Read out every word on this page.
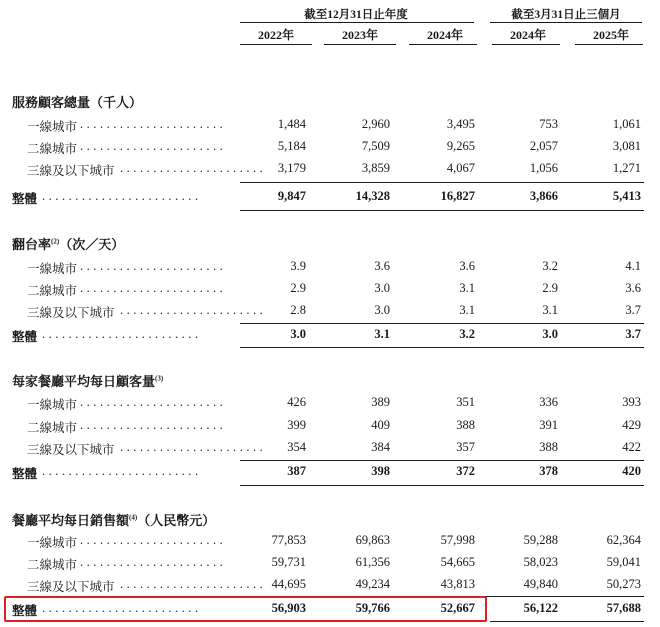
截至12月31日止年度	截至3月31日止三個月
2022年	2023年	2024年	2024年	2025年
服務顧客總量（千人）
一線城市 . . . . . . . . . . . . . . . . . . . . . .	1,484	2,960	3,495	753	1,061
二線城市 . . . . . . . . . . . . . . . . . . . . . .	5,184	7,509	9,265	2,057	3,081
三線及以下城市 . . . . . . . . . . . . . . . . . . . . . .	3,179	3,859	4,067	1,056	1,271
整體 . . . . . . . . . . . . . . . . . . . . . . . .	9,847	14,328	16,827	3,866	5,413
翻台率$^{(2)}$（次／天）
一線城市 . . . . . . . . . . . . . . . . . . . . . .	3.9	3.6	3.6	3.2	4.1
二線城市 . . . . . . . . . . . . . . . . . . . . . .	2.9	3.0	3.1	2.9	3.6
三線及以下城市 . . . . . . . . . . . . . . . . . . . . . .	2.8	3.0	3.1	3.1	3.7
整體 . . . . . . . . . . . . . . . . . . . . . . . .	3.0	3.1	3.2	3.0	3.7
每家餐廳平均每日顧客量$^{(3)}$
一線城市 . . . . . . . . . . . . . . . . . . . . . .	426	389	351	336	393
二線城市 . . . . . . . . . . . . . . . . . . . . . .	399	409	388	391	429
三線及以下城市 . . . . . . . . . . . . . . . . . . . . . .	354	384	357	388	422
整體 . . . . . . . . . . . . . . . . . . . . . . . .	387	398	372	378	420
餐廳平均每日銷售額$^{(4)}$（人民幣元）
一線城市 . . . . . . . . . . . . . . . . . . . . . .	77,853	69,863	57,998	59,288	62,364
二線城市 . . . . . . . . . . . . . . . . . . . . . .	59,731	61,356	54,665	58,023	59,041
三線及以下城市 . . . . . . . . . . . . . . . . . . . . . . 44,695	49,234	43,813	49,840	50,273
整體 . . . . . . . . . . . . . . . . . . . . . . . .	56,903	59,766	52,667	56,122	57,688
